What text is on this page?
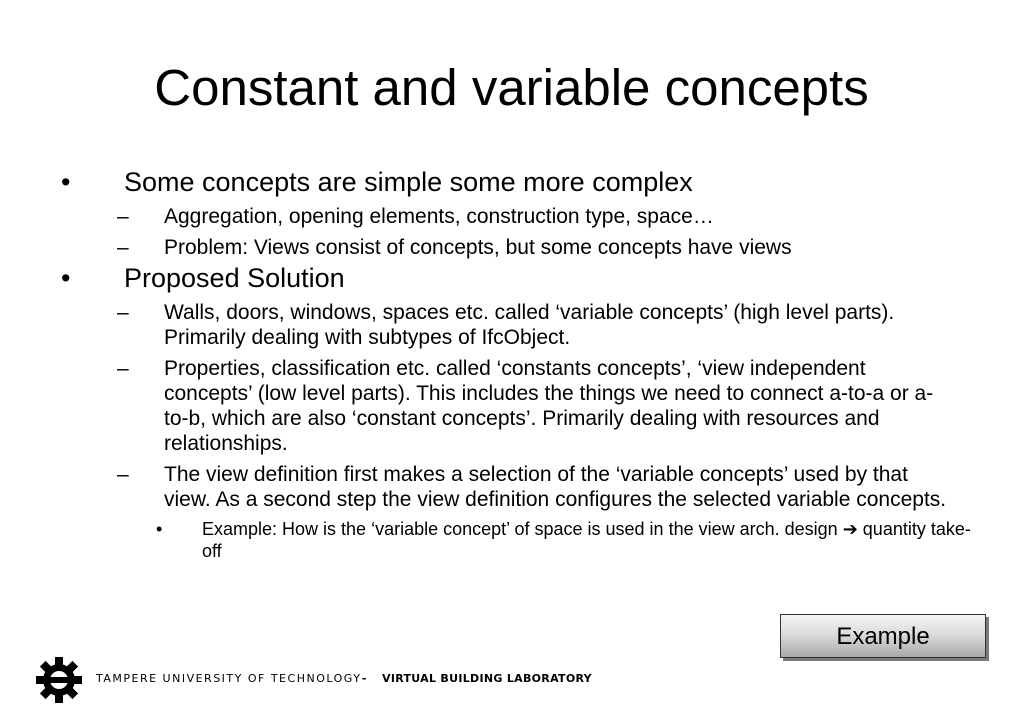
Constant and variable concepts
• Some concepts are simple some more complex
– Aggregation, opening elements, construction type, space…
– Problem: Views consist of concepts, but some concepts have views
• Proposed Solution
– Walls, doors, windows, spaces etc. called ‘variable concepts’ (high level parts). Primarily dealing with subtypes of IfcObject.
– Properties, classification etc. called ‘constants concepts’, ‘view independent concepts’ (low level parts). This includes the things we need to connect a-to-a or a-to-b, which are also ‘constant concepts’. Primarily dealing with resources and relationships.
– The view definition first makes a selection of the ‘variable concepts’ used by that view. As a second step the view definition configures the selected variable concepts.
• Example: How is the ‘variable concept’ of space is used in the view arch. design ➔ quantity take-off
Example
TAMPERE UNIVERSITY OF TECHNOLOGY - VIRTUAL BUILDING LABORATORY
